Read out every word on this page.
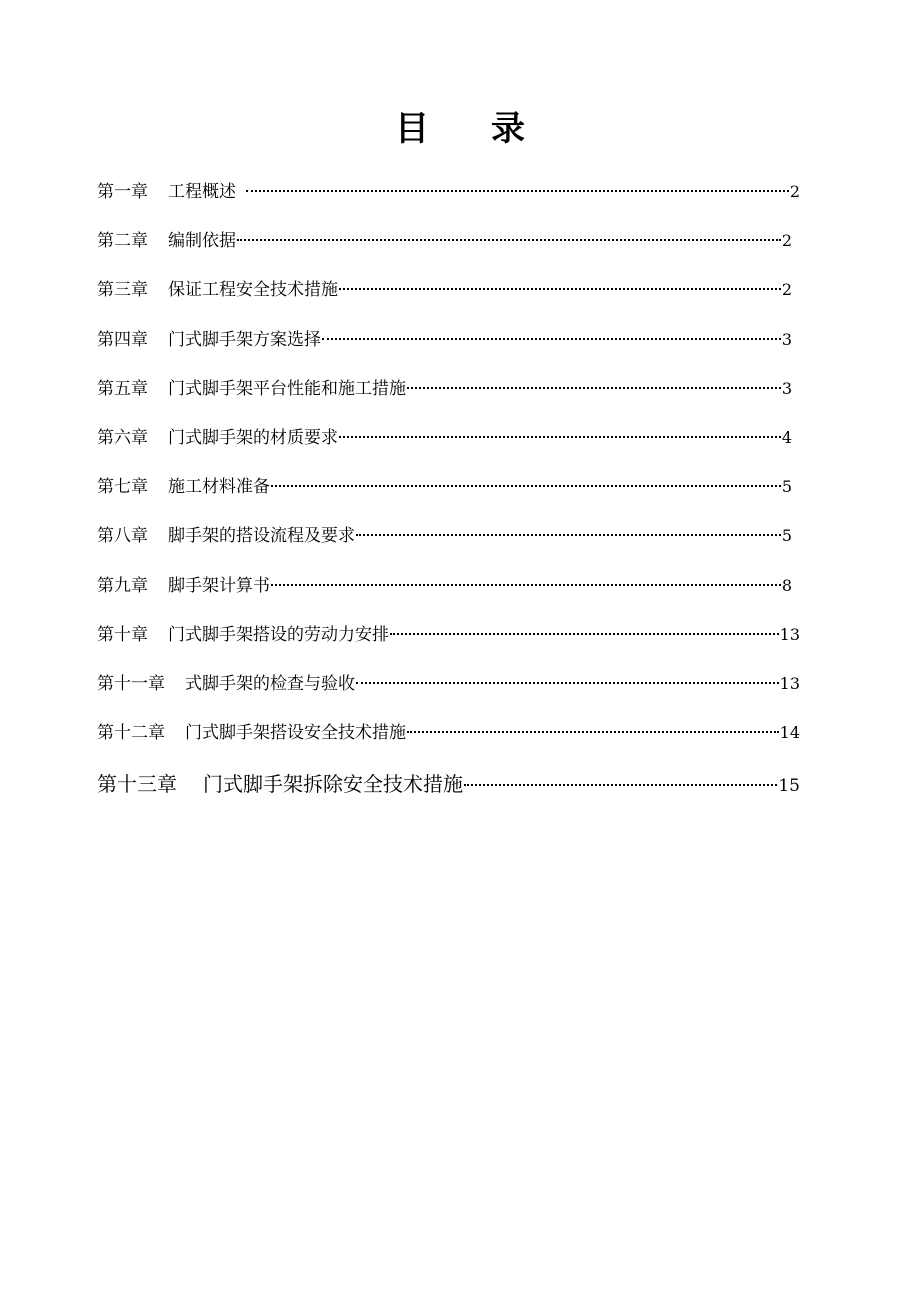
目 录
第一章 工程概述	2
第二章 编制依据	2
第三章 保证工程安全技术措施	2
第四章 门式脚手架方案选择	3
第五章 门式脚手架平台性能和施工措施	3
第六章 门式脚手架的材质要求	4
第七章 施工材料准备	5
第八章 脚手架的搭设流程及要求	5
第九章 脚手架计算书	8
第十章 门式脚手架搭设的劳动力安排	13
第十一章 式脚手架的检查与验收	13
第十二章 门式脚手架搭设安全技术措施	14
第十三章 门式脚手架拆除安全技术措施	15
